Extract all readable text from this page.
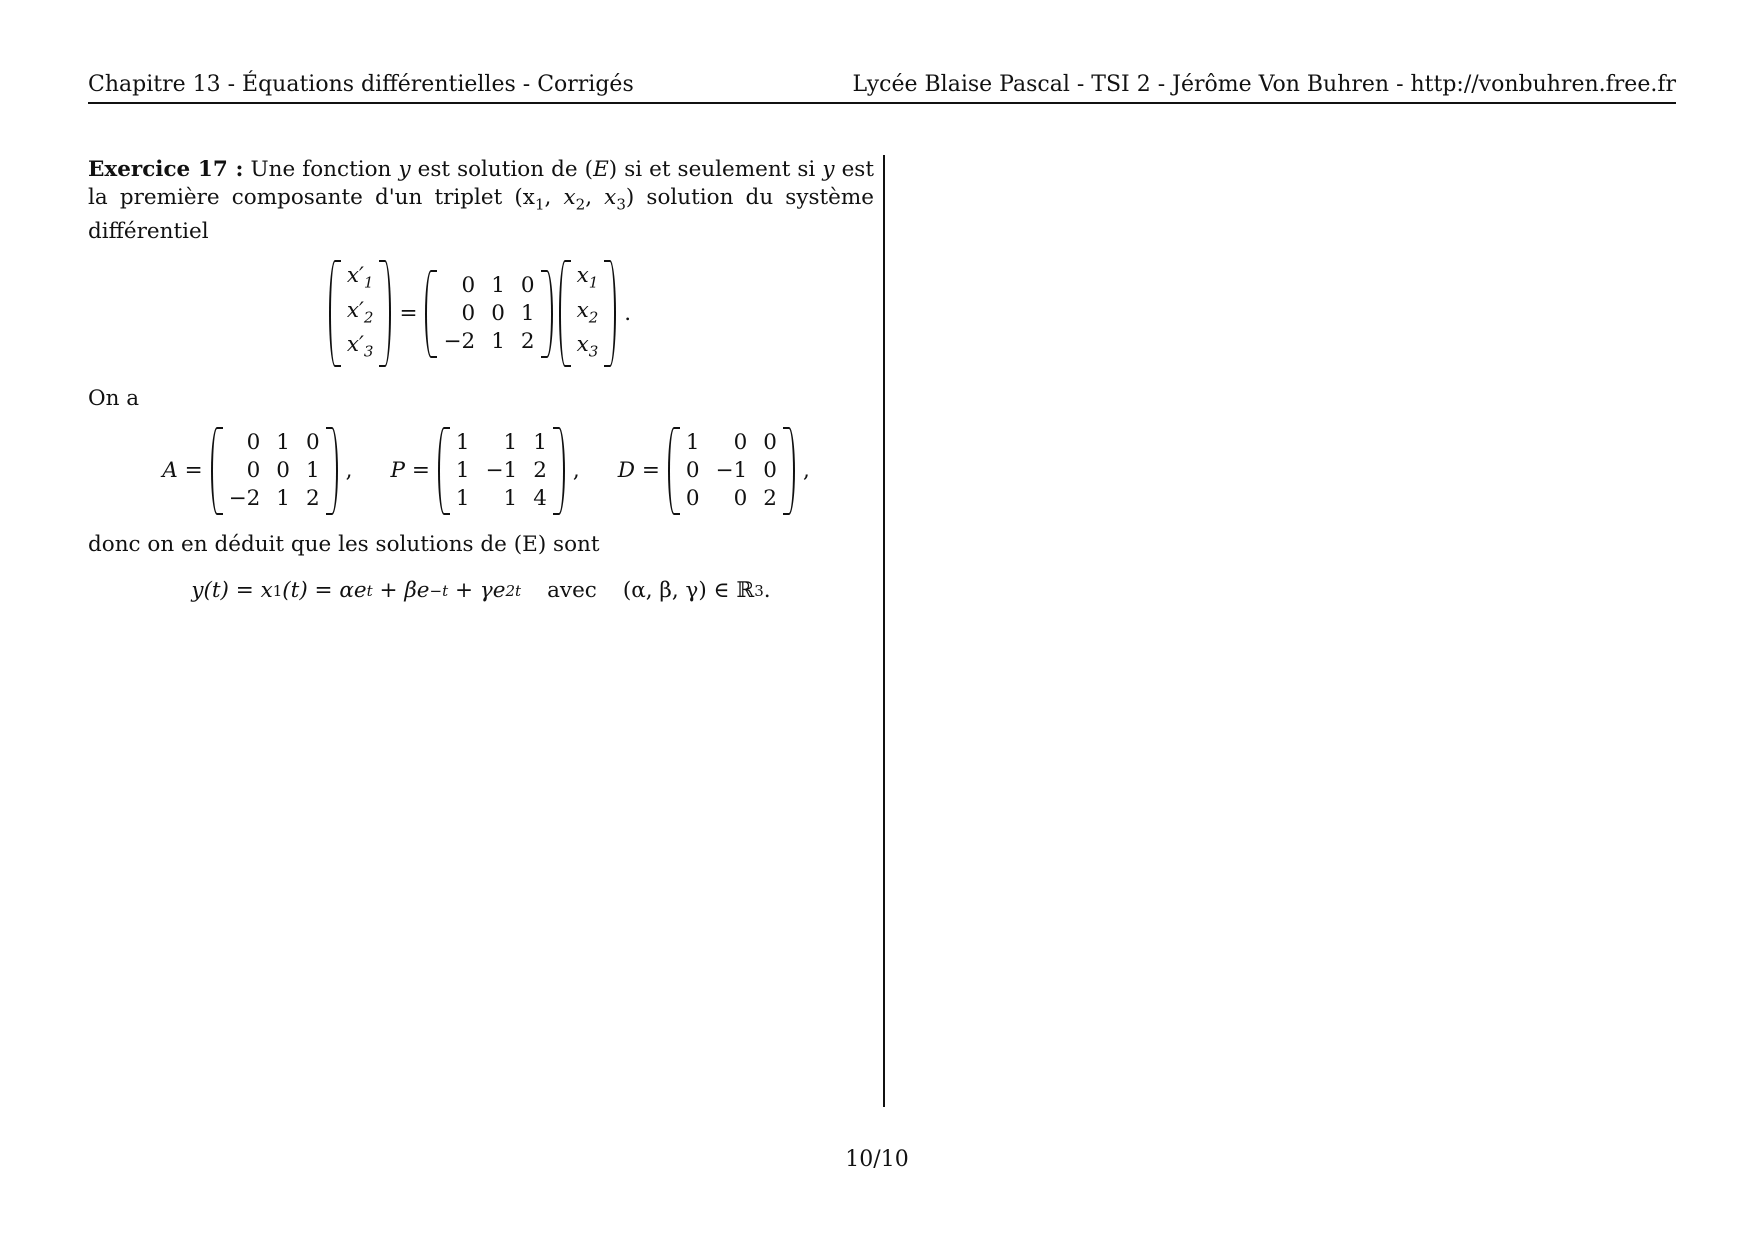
Chapitre 13 - Équations différentielles - Corrigés	Lycée Blaise Pascal - TSI 2 - Jérôme Von Buhren - http://vonbuhren.free.fr

Exercice 17 : Une fonction y est solution de (E) si et seulement si y est la première composante d'un triplet ($x_1$, $x_2$, $x_3$) solution du système différentiel

$x'_1$
$x'_2$
$x'_3$
=
0	1	0
0	0	1
−2	1	2
$x_1$
$x_2$
$x_3$
.

On a

A =
0	1	0
0	0	1
−2	1	2
,	P =
1	1	1
1	−1	2
1	1	4
,	D =
1	0	0
0	−1	0
0	0	2
,

donc on en déduit que les solutions de (E) sont

y(t) = x 1 (t) = αe t
+ βe −t
+ γe 2t avec (α, β, γ) ∈ ℝ 3 .
10/10
